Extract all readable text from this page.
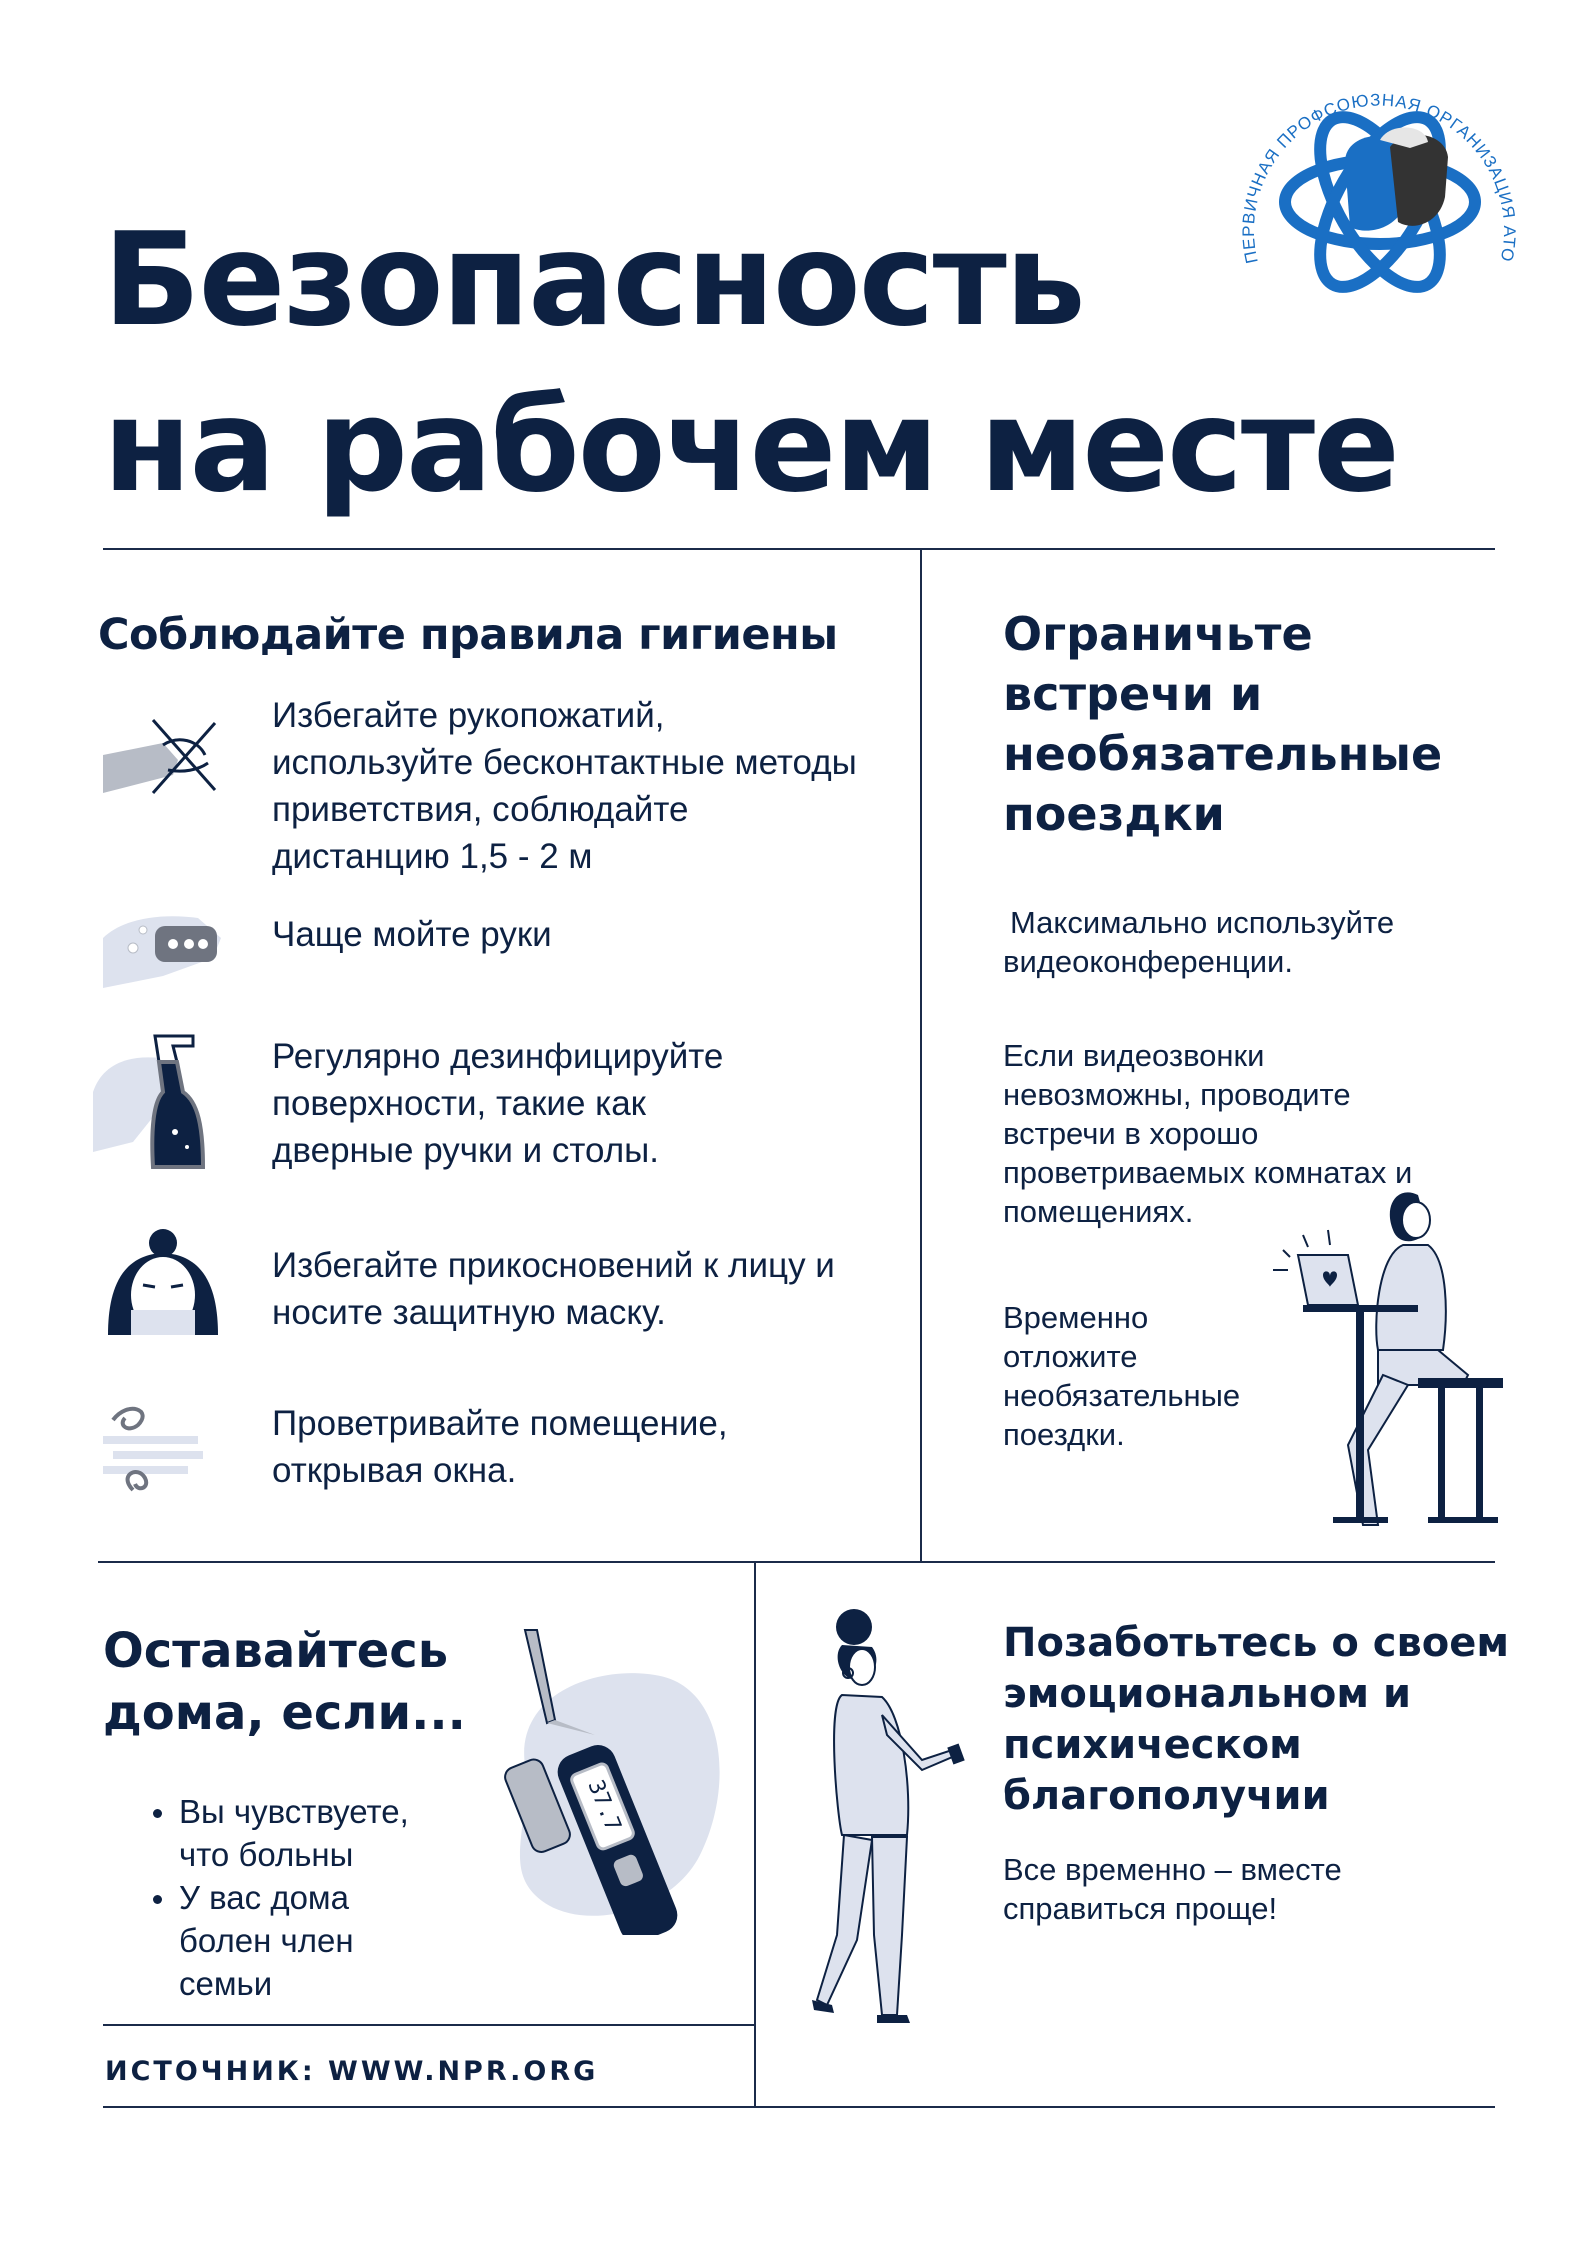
ПЕРВИЧНАЯ ПРОФСОЮЗНАЯ ОРГАНИЗАЦИЯ АТО
Безопасность
на рабочем месте
Соблюдайте правила гигиены
Избегайте рукопожатий, используйте бесконтактные методы приветствия, соблюдайте дистанцию 1,5 - 2 м
Чаще мойте руки
Регулярно дезинфицируйте поверхности, такие как дверные ручки и столы.
Избегайте прикосновений к лицу и носите защитную маску.
Проветривайте помещение, открывая окна.
Ограничьте
встречи и
необязательные
поездки
Максимально используйте видеоконференции.
Если видеозвонки невозможны, проводите встречи в хорошо проветриваемых комнатах и помещениях.
Временно отложите необязательные поездки.
Оставайтесь
дома, если...
Вы чувствуете, что больны
У вас дома болен член семьи
37.7
ИСТОЧНИК: WWW.NPR.ORG
Позаботьтесь о своем
эмоциональном и
психическом
благополучии
Все временно – вместе справиться проще!
